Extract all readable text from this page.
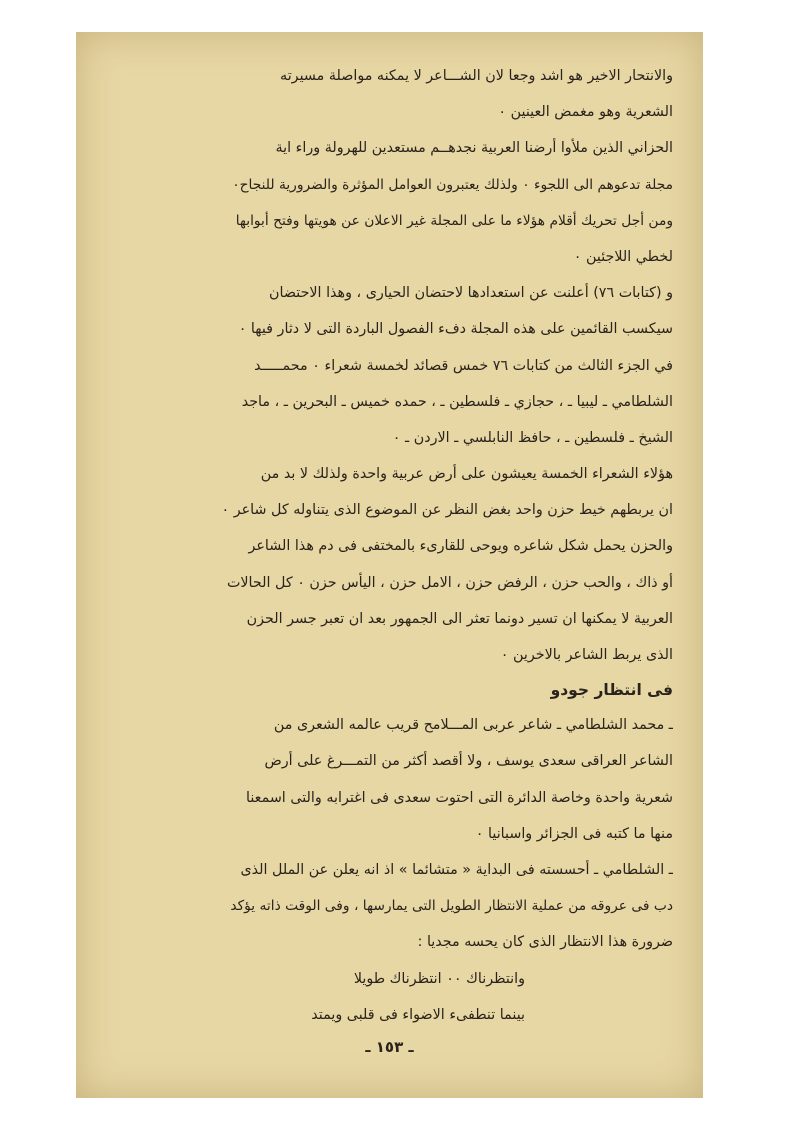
والانتحار الاخير هو اشد وجعا لان الشـــاعر لا يمكنه مواصلة مسيرته
الشعرية وهو مغمض العينين ٠
الحزاني الذين ملأوا أرضنا العربية نجدهــم مستعدين للهرولة وراء اية
مجلة تدعوهم الى اللجوء ٠ ولذلك يعتبرون العوامل المؤثرة والضرورية للنجاح٠
ومن أجل تحريك أقلام هؤلاء ما على المجلة غير الاعلان عن هويتها وفتح أبوابها
لخطي اللاجئين ٠
و (كتابات ٧٦) أعلنت عن استعدادها لاحتضان الحيارى ، وهذا الاحتضان
سيكسب القائمين على هذه المجلة دفء الفصول الباردة التى لا دثار فيها ٠
في الجزء الثالث من كتابات ٧٦ خمس قصائد لخمسة شعراء ٠ محمـــــد
الشلطامي ـ ليبيا ـ ، حجازي ـ فلسطين ـ ، حمده خميس ـ البحرين ـ ، ماجد
الشيخ ـ فلسطين ـ ، حافظ النابلسي ـ الاردن ـ ٠
هؤلاء الشعراء الخمسة يعيشون على أرض عربية واحدة ولذلك لا بد من
ان يربطهم خيط حزن واحد بغض النظر عن الموضوع الذى يتناوله كل شاعر ٠
والحزن يحمل شكل شاعره ويوحى للقارىء بالمختفى فى دم هذا الشاعر
أو ذاك ، والحب حزن ، الرفض حزن ، الامل حزن ، اليأس حزن ٠ كل الحالات
العربية لا يمكنها ان تسير دونما تعثر الى الجمهور بعد ان تعبر جسر الحزن
الذى يربط الشاعر بالاخرين ٠
فى انتظار جودو
ـ محمد الشلطامي ـ شاعر عربى المـــلامح قريب عالمه الشعرى من
الشاعر العراقى سعدى يوسف ، ولا أقصد أكثر من التمـــرغ على أرض
شعرية واحدة وخاصة الدائرة التى احتوت سعدى فى اغترابه والتى اسمعنا
منها ما كتبه فى الجزائر واسبانيا ٠
ـ الشلطامي ـ أحسسته فى البداية « متشائما » اذ انه يعلن عن الملل الذى
دب فى عروقه من عملية الانتظار الطويل التى يمارسها ، وفى الوقت ذاته يؤكد
ضرورة هذا الانتظار الذى كان يحسه مجديا :
وانتظرناك ٠٠ انتظرناك طويلا
بينما تنطفىء الاضواء فى قلبى ويمتد
ـ ١٥٣ ـ
